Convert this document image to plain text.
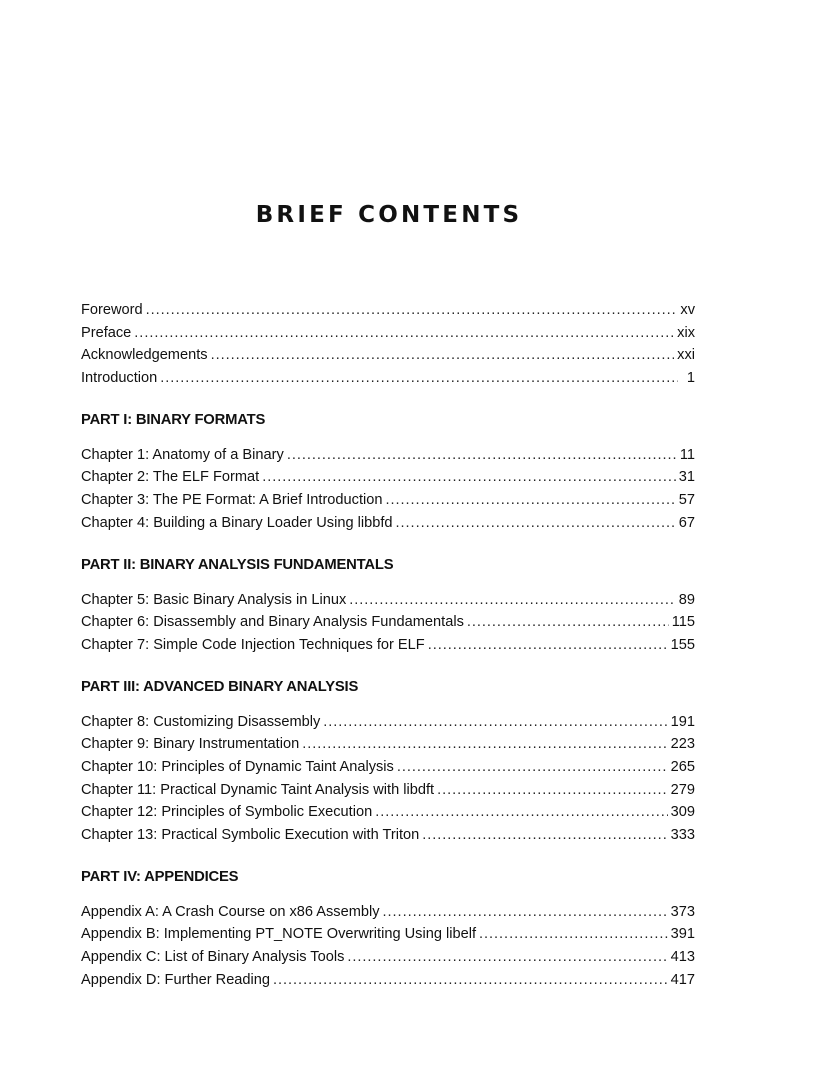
BRIEF CONTENTS
Foreword . . .	xv
Preface . . .	xix
Acknowledgements . . .	xxi
Introduction . . .	1
PART I: BINARY FORMATS
Chapter 1: Anatomy of a Binary . . .	11
Chapter 2: The ELF Format . . .	31
Chapter 3: The PE Format: A Brief Introduction . . .	57
Chapter 4: Building a Binary Loader Using libbfd . . .	67
PART II: BINARY ANALYSIS FUNDAMENTALS
Chapter 5: Basic Binary Analysis in Linux . . .	89
Chapter 6: Disassembly and Binary Analysis Fundamentals . . .	115
Chapter 7: Simple Code Injection Techniques for ELF . . .	155
PART III: ADVANCED BINARY ANALYSIS
Chapter 8: Customizing Disassembly . . .	191
Chapter 9: Binary Instrumentation . . .	223
Chapter 10: Principles of Dynamic Taint Analysis . . .	265
Chapter 11: Practical Dynamic Taint Analysis with libdft . . .	279
Chapter 12: Principles of Symbolic Execution . . .	309
Chapter 13: Practical Symbolic Execution with Triton . . .	333
PART IV: APPENDICES
Appendix A: A Crash Course on x86 Assembly . . .	373
Appendix B: Implementing PT_NOTE Overwriting Using libelf . . .	391
Appendix C: List of Binary Analysis Tools . . .	413
Appendix D: Further Reading . . .	417
